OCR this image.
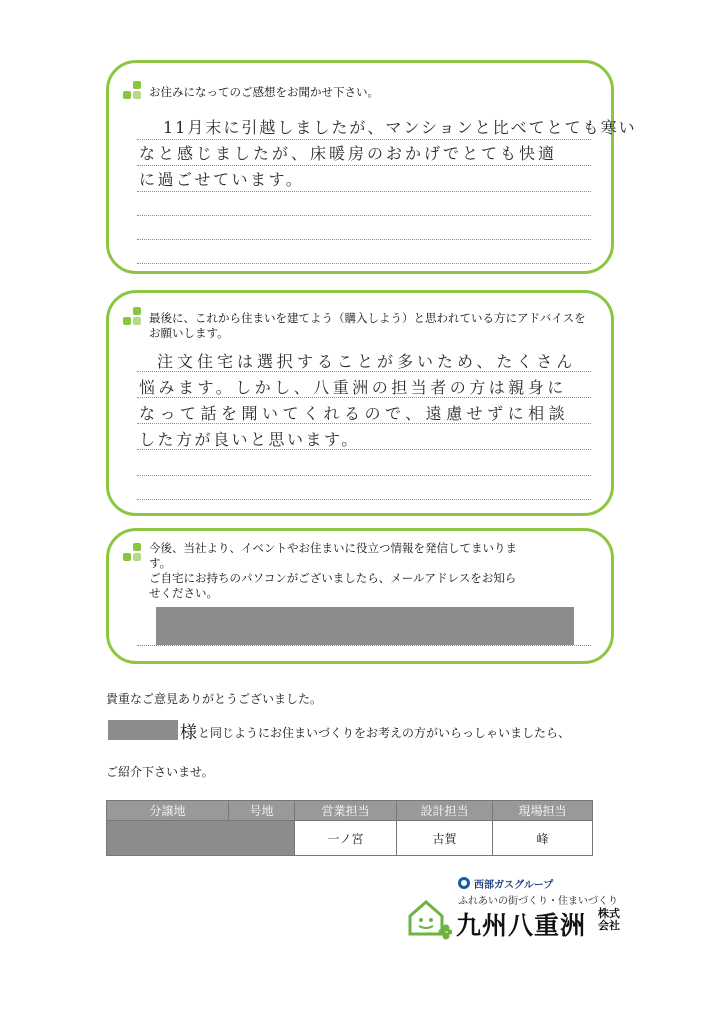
お住みになってのご感想をお聞かせ下さい。
11月末に引越しましたが、マンションと比べてとても寒い
なと感じましたが、床暖房のおかげでとても快適
に過ごせています。
最後に、これから住まいを建てよう（購入しよう）と思われている方にアドバイスをお願いします。
注文住宅は選択することが多いため、たくさん
悩みます。しかし、八重洲の担当者の方は親身に
なって話を聞いてくれるので、遠慮せずに相談
した方が良いと思います。
今後、当社より、イベントやお住まいに役立つ情報を発信してまいりま
す。
ご自宅にお持ちのパソコンがございましたら、メールアドレスをお知ら
せください。
貴重なご意見ありがとうございました。
様 と同じようにお住まいづくりをお考えの方がいらっしゃいましたら、
ご紹介下さいませ。
分譲地	号地	営業担当	設計担当	現場担当
		一ノ宮	古賀	峰
西部ガスグループ
ふれあいの街づくり・住まいづくり
九州八重洲 株式
会社
